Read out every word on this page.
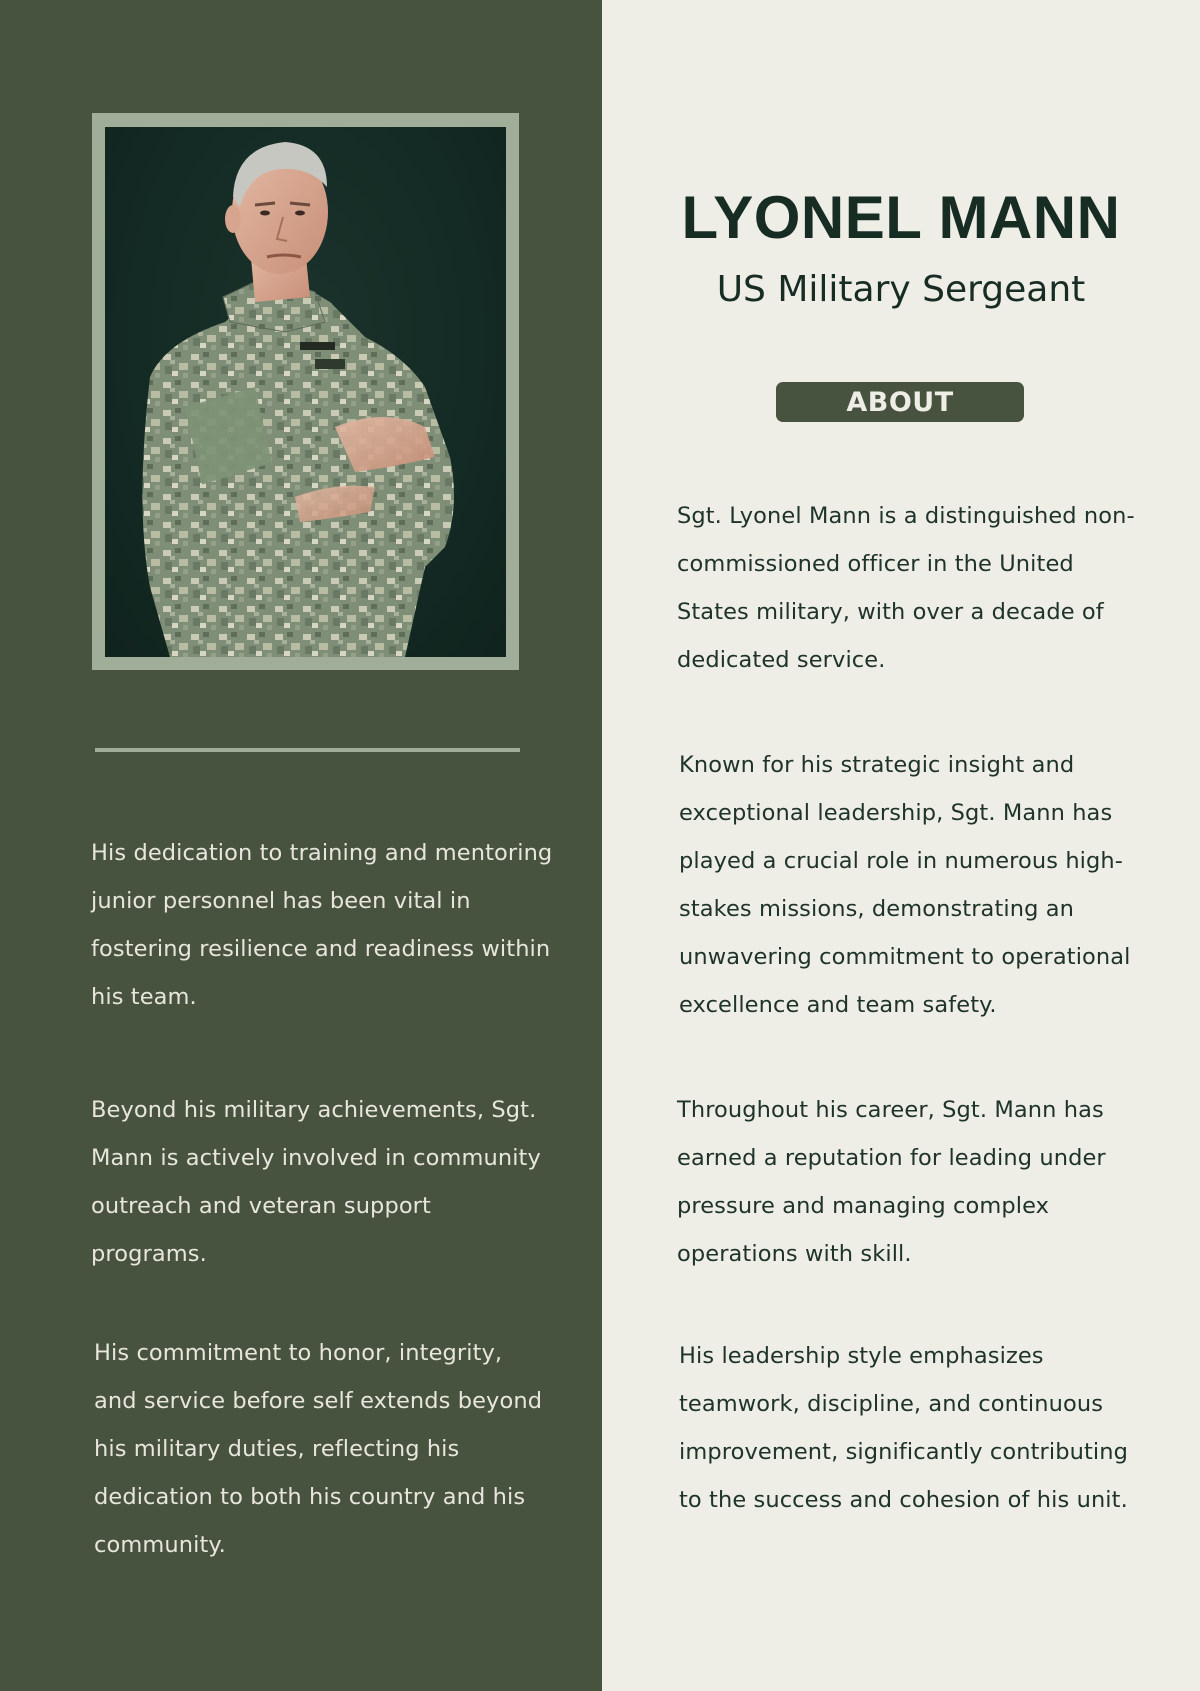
His dedication to training and mentoring junior personnel has been vital in fostering resilience and readiness within his team.

Beyond his military achievements, Sgt. Mann is actively involved in community outreach and veteran support programs.

His commitment to honor, integrity, and service before self extends beyond his military duties, reflecting his dedication to both his country and his community.

LYONEL MANN
US Military Sergeant
ABOUT

Sgt. Lyonel Mann is a distinguished non-commissioned officer in the United States military, with over a decade of dedicated service.

Known for his strategic insight and exceptional leadership, Sgt. Mann has played a crucial role in numerous high-stakes missions, demonstrating an unwavering commitment to operational excellence and team safety.

Throughout his career, Sgt. Mann has earned a reputation for leading under pressure and managing complex operations with skill.

His leadership style emphasizes teamwork, discipline, and continuous improvement, significantly contributing to the success and cohesion of his unit.
